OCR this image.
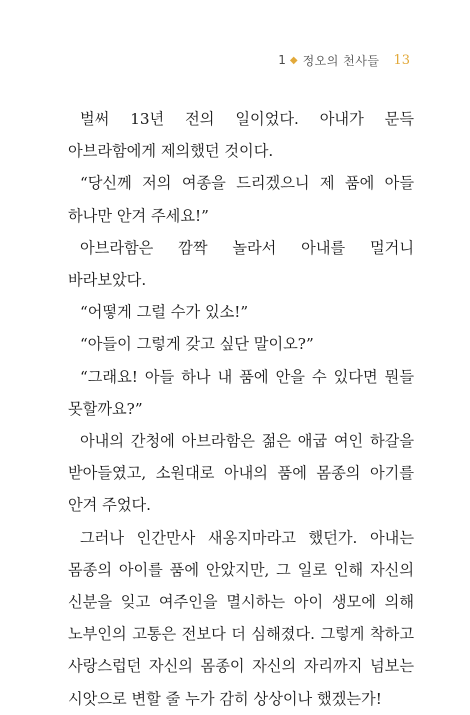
1 ◆ 정오의 천사들 13

벌써 13년 전의 일이었다. 아내가 문득 아브라함에게 제의했던 것이다.

“당신께 저의 여종을 드리겠으니 제 품에 아들 하나만 안겨 주세요!”

아브라함은 깜짝 놀라서 아내를 멀거니 바라보았다.

“어떻게 그럴 수가 있소!”

“아들이 그렇게 갖고 싶단 말이오?”

“그래요! 아들 하나 내 품에 안을 수 있다면 뭔들 못할까요?”

아내의 간청에 아브라함은 젊은 애굽 여인 하갈을 받아들였고, 소원대로 아내의 품에 몸종의 아기를 안겨 주었다.

그러나 인간만사 새옹지마라고 했던가. 아내는 몸종의 아이를 품에 안았지만, 그 일로 인해 자신의 신분을 잊고 여주인을 멸시하는 아이 생모에 의해 노부인의 고통은 전보다 더 심해졌다. 그렇게 착하고 사랑스럽던 자신의 몸종이 자신의 자리까지 넘보는 시앗으로 변할 줄 누가 감히 상상이나 했겠는가!
